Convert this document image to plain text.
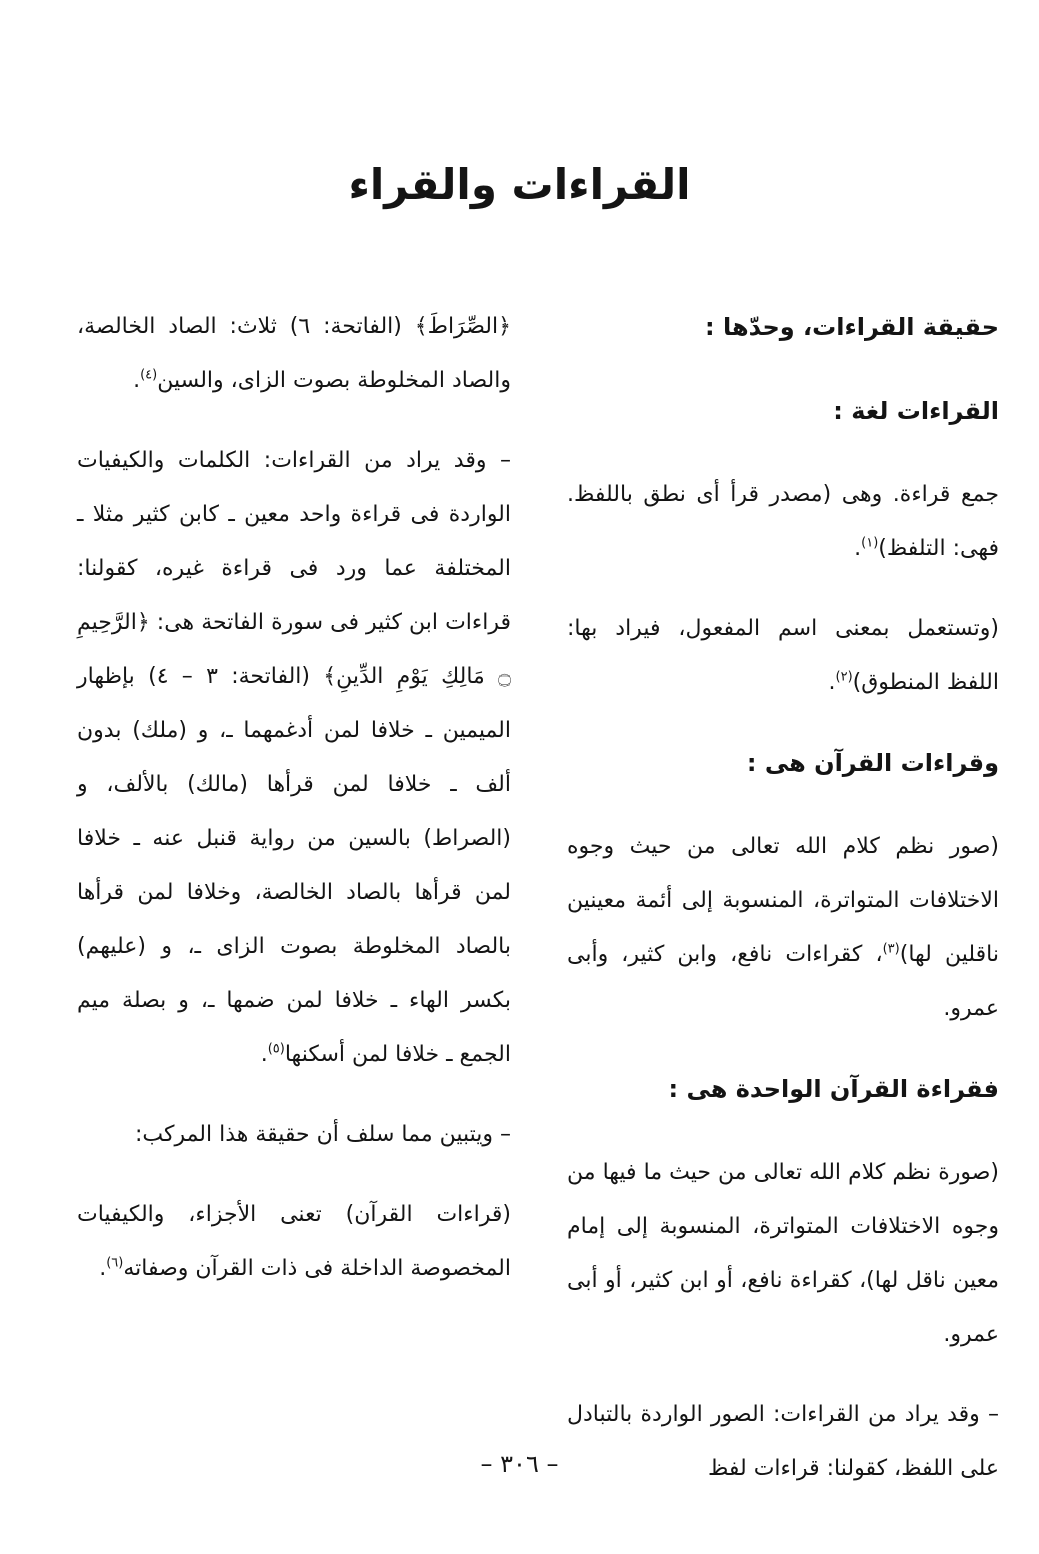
القراءات والقراء
حقيقة القراءات، وحدّها :
القراءات لغة :

جمع قراءة. وهى (مصدر قرأ أى نطق باللفظ. فهى: التلفظ)$^{(١)}$.

(وتستعمل بمعنى اسم المفعول، فيراد بها: اللفظ المنطوق)$^{(٢)}$.

وقراءات القرآن هى :

(صور نظم كلام الله تعالى من حيث وجوه الاختلافات المتواترة، المنسوبة إلى أئمة معينين ناقلين لها)$^{(٣)}$، كقراءات نافع، وابن كثير، وأبى عمرو.

فقراءة القرآن الواحدة هى :

(صورة نظم كلام الله تعالى من حيث ما فيها من وجوه الاختلافات المتواترة، المنسوبة إلى إمام معين ناقل لها)، كقراءة نافع، أو ابن كثير، أو أبى عمرو.

– وقد يراد من القراءات: الصور الواردة بالتبادل على اللفظ، كقولنا: قراءات لفظ

﴿الصِّرَاطَ﴾ (الفاتحة: ٦) ثلاث: الصاد الخالصة، والصاد المخلوطة بصوت الزاى، والسين$^{(٤)}$.

– وقد يراد من القراءات: الكلمات والكيفيات الواردة فى قراءة واحد معين ـ كابن كثير مثلا ـ المختلفة عما ورد فى قراءة غيره، كقولنا: قراءات ابن كثير فى سورة الفاتحة هى: ﴿الرَّحِيمِ ۝ مَالِكِ يَوْمِ الدِّينِ﴾ (الفاتحة: ٣ – ٤) بإظهار الميمين ـ خلافا لمن أدغمهما ـ، و (ملك) بدون ألف ـ خلافا لمن قرأها (مالك) بالألف، و (الصراط) بالسين من رواية قنبل عنه ـ خلافا لمن قرأها بالصاد الخالصة، وخلافا لمن قرأها بالصاد المخلوطة بصوت الزاى ـ، و (عليهم) بكسر الهاء ـ خلافا لمن ضمها ـ، و بصلة ميم الجمع ـ خلافا لمن أسكنها$^{(٥)}$.

– ويتبين مما سلف أن حقيقة هذا المركب:

(قراءات القرآن) تعنى الأجزاء، والكيفيات المخصوصة الداخلة فى ذات القرآن وصفاته$^{(٦)}$.

– ٣٠٦ –
